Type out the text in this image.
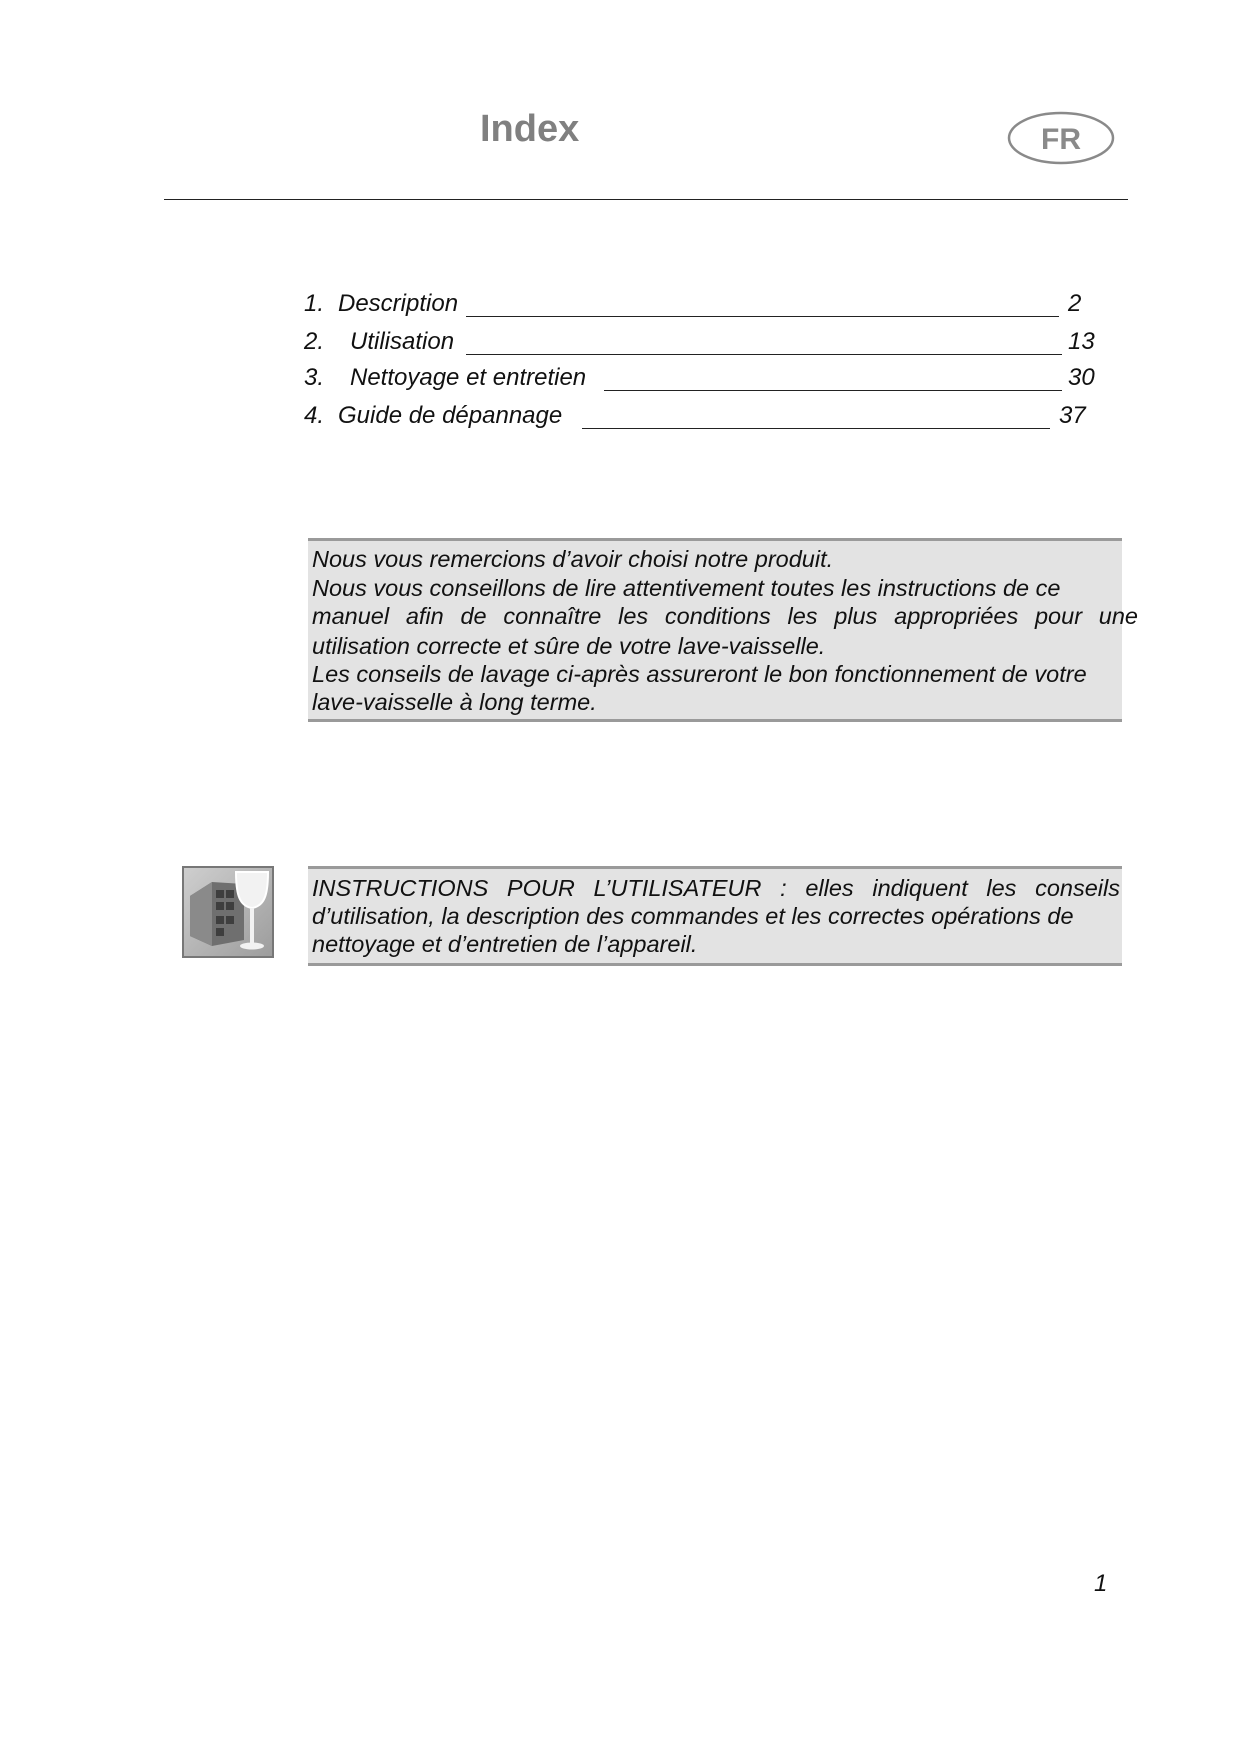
Index	FR
1. Description	2
2. Utilisation	13
3. Nettoyage et entretien	30
4. Guide de dépannage	37
Nous vous remercions d’avoir choisi notre produit.
Nous vous conseillons de lire attentivement toutes les instructions de ce
manuel afin de connaître les conditions les plus appropriées pour une
utilisation correcte et sûre de votre lave-vaisselle.
Les conseils de lavage ci-après assureront le bon fonctionnement de votre
lave-vaisselle à long terme.
INSTRUCTIONS POUR L’UTILISATEUR : elles indiquent les conseils
d’utilisation, la description des commandes et les correctes opérations de
nettoyage et d’entretien de l’appareil.
1
